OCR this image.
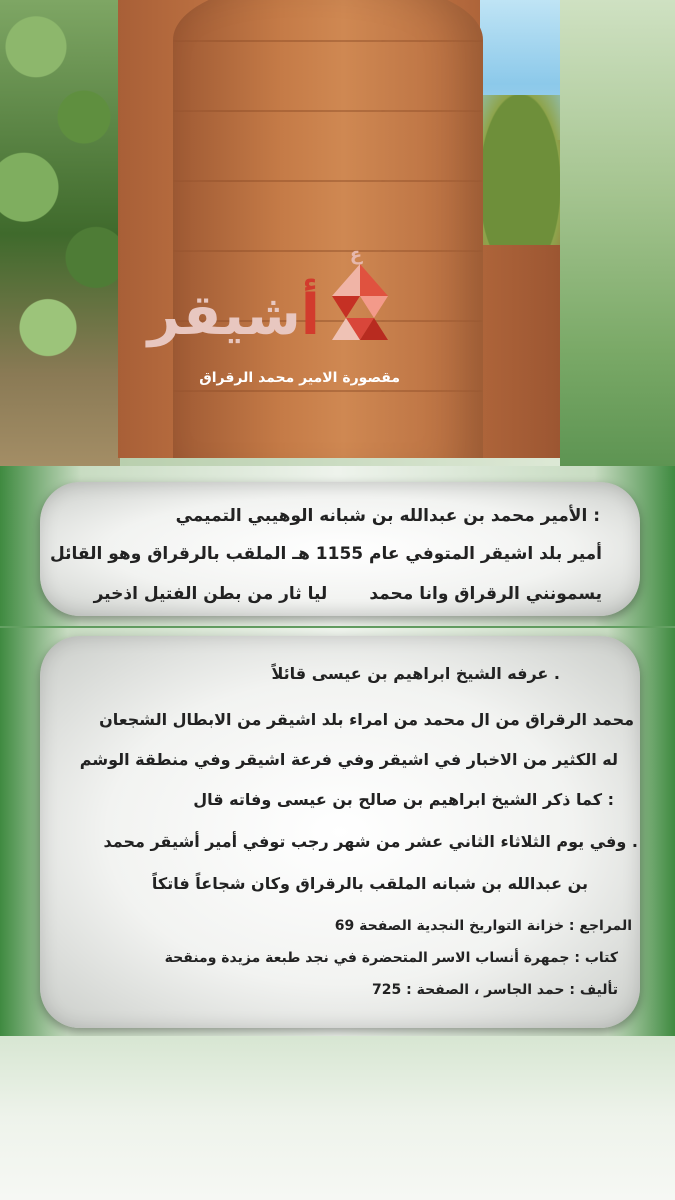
ع
أشيقر
مقصورة الامير محمد الرقراق
: الأمير محمد بن عبدالله بن شبانه الوهيبي التميمي
أمير بلد اشيقر المتوفي عام 1155 هـ الملقب بالرقراق وهو القائل
يسمونني الرقراق وانا محمدليا ثار من بطن الفتيل اذخير
. عرفه الشيخ ابراهيم بن عيسى قائلاً
محمد الرقراق من ال محمد من امراء بلد اشيقر من الابطال الشجعان
له الكثير من الاخبار في اشيقر وفي فرعة اشيقر وفي منطقة الوشم
: كما ذكر الشيخ ابراهيم بن صالح بن عيسى وفاته قال
. وفي يوم الثلاثاء الثاني عشر من شهر رجب توفي أمير أشيقر محمد
بن عبدالله بن شبانه الملقب بالرقراق وكان شجاعاً فاتكاً
المراجع : خزانة التواريخ النجدية الصفحة 69
كتاب : جمهرة أنساب الاسر المتحضرة في نجد طبعة مزيدة ومنقحة
تأليف : حمد الجاسر ، الصفحة : 725
